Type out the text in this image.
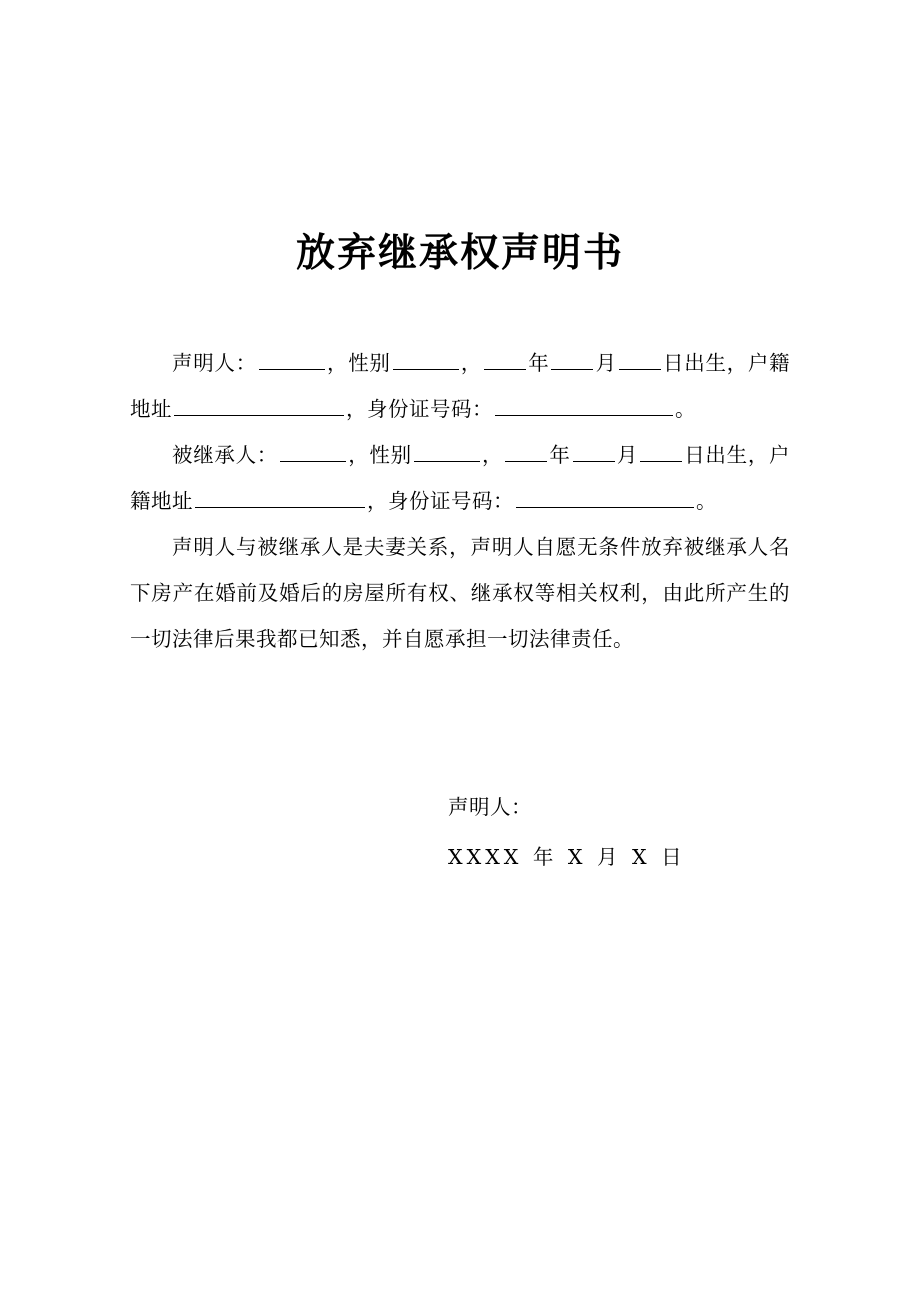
放弃继承权声明书

声明人：	，性别	， 年 月 日出生，户籍地址	，身份证号码：	。

被继承人：	，性别	， 年 月 日出生，户籍地址	，身份证号码：	。

声明人与被继承人是夫妻关系，声明人自愿无条件放弃被继承人名下房产在婚前及婚后的房屋所有权、继承权等相关权利，由此所产生的一切法律后果我都已知悉，并自愿承担一切法律责任。

声明人：

XXXX 年 X 月 X 日
